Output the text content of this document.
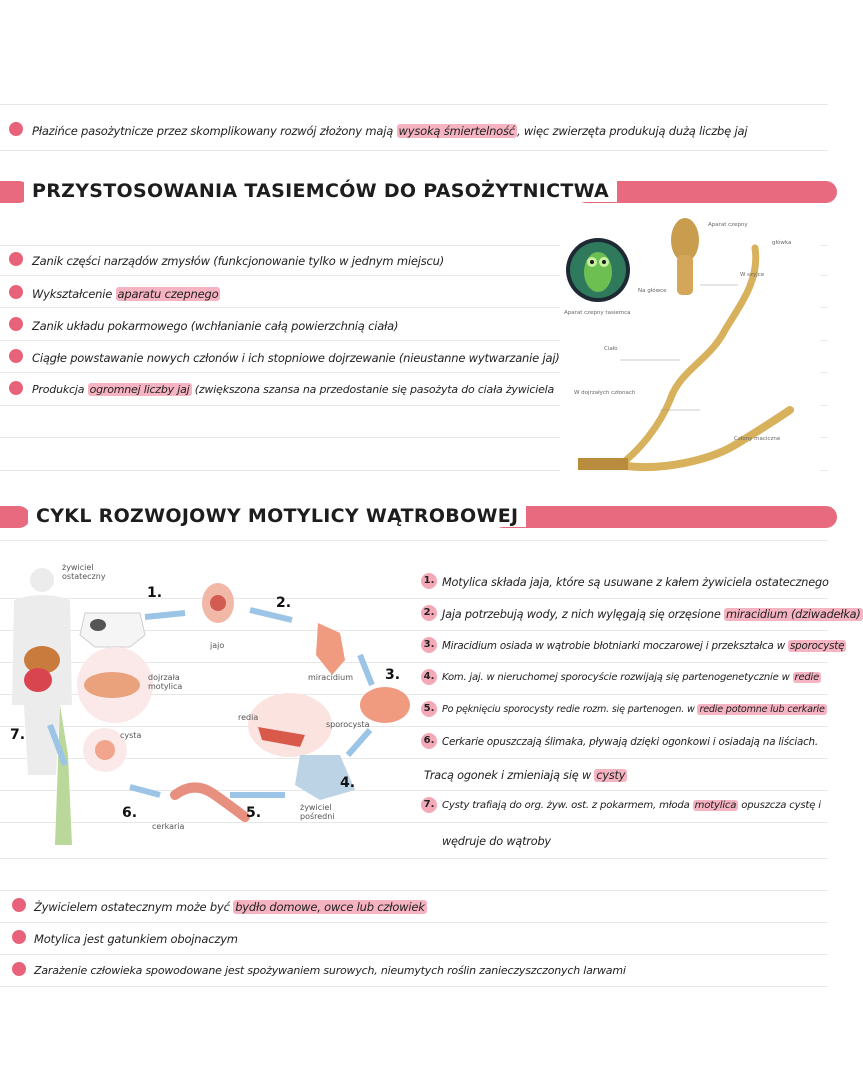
Płazińce pasożytnicze przez skomplikowany rozwój złożony mają wysoką śmiertelność , więc zwierzęta produkują dużą liczbę jaj
PRZYSTOSOWANIA TASIEMCÓW DO PASOŻYTNICTWA
Zanik części narządów zmysłów (funkcjonowanie tylko w jednym miejscu)
Wykształcenie aparatu czepnego
Zanik układu pokarmowego (wchłanianie całą powierzchnią ciała)
Ciągłe powstawanie nowych członów i ich stopniowe dojrzewanie (nieustanne wytwarzanie jaj)
Produkcja ogromnej liczby jaj (zwiększona szansa na przedostanie się pasożyta do ciała żywiciela
Aparat czepny tasiemca
Aparat czepny
Na główce
W szyjce
główka
Ciało
W dojrzałych członach
Człony maciczne
CYKL ROZWOJOWY MOTYLICY WĄTROBOWEJ
żywiciel ostateczny
jajo
miracidium
sporocysta
redia
żywiciel pośredni
cerkaria
cysta
dojrzała motylica
1.
2.
3.
4.
5.
6.
7.
1. Motylica składa jaja, które są usuwane z kałem żywiciela ostatecznego
2. Jaja potrzebują wody, z nich wylęgają się orzęsione miracidium (dziwadełka)
3. Miracidium osiada w wątrobie błotniarki moczarowej i przekształca w sporocystę
4. Kom. jaj. w nieruchomej sporocyście rozwijają się partenogenetycznie w redie
5. Po pęknięciu sporocysty redie rozm. się partenogen. w redie potomne lub cerkarie
6. Cerkarie opuszczają ślimaka, pływają dzięki ogonkowi i osiadają na liściach.
Tracą ogonek i zmieniają się w cysty
7. Cysty trafiają do org. żyw. ost. z pokarmem, młoda motylica opuszcza cystę i
wędruje do wątroby
Żywicielem ostatecznym może być bydło domowe, owce lub człowiek
Motylica jest gatunkiem obojnaczym
Zarażenie człowieka spowodowane jest spożywaniem surowych, nieumytych roślin zanieczyszczonych larwami
